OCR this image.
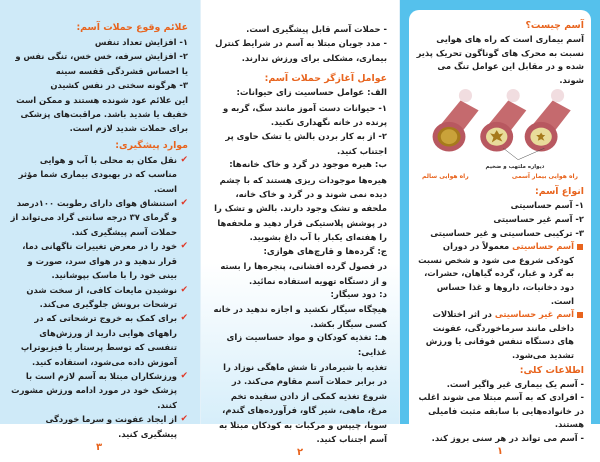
علائم وقوع حملات آسم:
۱- افزایش تعداد تنفس
۲- افزایش سرفه، خس خس، تنگی نفس و یا احساس فشردگی قفسه سینه
۳- هرگونه سختی در نفس کشیدن
این علائم عود شونده هستند و ممکن است خفیف یا شدید باشد. مراقبت‌های پزشکی برای حملات شدید لازم است.
موارد پیشگیری:
✔
نقل مکان به محلی با آب و هوایی مناسب که در بهبودی بیماری شما مؤثر است.
✔
استنشاق هوای دارای رطوبت ۱۰۰درصد و گرمای ۳۷ درجه سانتی گراد می‌تواند از حملات آسم پیشگیری کند.
✔
خود را در معرض تغییرات ناگهانی دما، قرار ندهید و در هوای سرد، صورت و بینی خود را با ماسک بپوشانید.
✔
نوشیدن مایعات کافی، از سخت شدن ترشحات برونش جلوگیری می‌کند.
✔
برای کمک به خروج ترشحاتی که در راههای هوایی دارید از ورزش‌های تنفسی که توسط پرستار یا فیزیوتراپ آموزش داده می‌شود، استفاده کنید.
✔
ورزشکاران مبتلا به آسم لازم است با پزشک خود در مورد ادامه ورزش مشورت کنند.
✔
از ایجاد عفونت و سرما خوردگی پیشگیری کنید.
۳
- حملات آسم قابل پیشگیری است.
- مدد جویان مبتلا به آسم در شرایط کنترل بیماری، مشکلی برای ورزش ندارند.
عوامل آغازگر حملات آسم:
الف: عوامل حساسیت زای حیوانات:
۱- حیوانات دست آموز مانند سگ، گربه و پرنده در خانه نگهداری نکنید.
۲- از به کار بردن بالش یا تشک حاوی پر اجتناب کنید.
ب: هیره موجود در گرد و خاک خانه‌ها:
هیره‌ها موجودات ریزی هستند که با چشم دیده نمی شوند و در گرد و خاک خانه، ملحفه و تشک وجود دارند. بالش و تشک را در پوشش پلاستیکی قرار دهید و ملحفه‌ها را هفته‌ای یکبار با آب داغ بشویید.
ج: گرده‌ها و قارچ‌های هوازی:
در فصول گرده افشانی، پنجره‌ها را بسته و از دستگاه تهویه استفاده نمائید.
د: دود سیگار:
هیچگاه سیگار نکشید و اجازه ندهید در خانه کسی سیگار بکشد.
هـ: تغذیه کودکان و مواد حساسیت زای غذایی:
تغذیه با شیرمادر تا شش ماهگی نوزاد را در برابر حملات آسم مقاوم می‌کند. در شروع تغذیه کمکی از دادن سفیده تخم مرغ، ماهی، شیر گاو، فرآورده‌های گندم، سویا، چیپس و مرکبات به کودکان مبتلا به آسم اجتناب کنید.
۲
آسم چیست؟
آسم بیماری است که راه های هوایی نسبت به محرک های گوناگون تحریک پذیر شده و در مقابل این عوامل تنگ می شوند.
دیواره ملتهب و ضخیم
راه هوایی سالم	راه هوایی بیمار آسمی
انواع آسم:
۱- آسم حساسیتی
۲- آسم غیر حساسیتی
۳- ترکیبی حساسیتی و غیر حساسیتی
آسم حساسیتی معمولاً در دوران کودکی شروع می شود و شخص نسبت به گرد و غبار، گرده گیاهان، حشرات، دود دخانیات، داروها و غذا حساس است.
آسم غیر حساسیتی در اثر اختلالات داخلی مانند سرماخوردگی، عفونت های دستگاه تنفس فوقانی یا ورزش تشدید می‌شود.
اطلاعات کلی:
- آسم یک بیماری غیر واگیر است.
- افرادی که به آسم مبتلا می شوند اغلب در خانواده‌هایی با سابقه مثبت فامیلی هستند.
- آسم می تواند در هر سنی بروز کند.
۱
